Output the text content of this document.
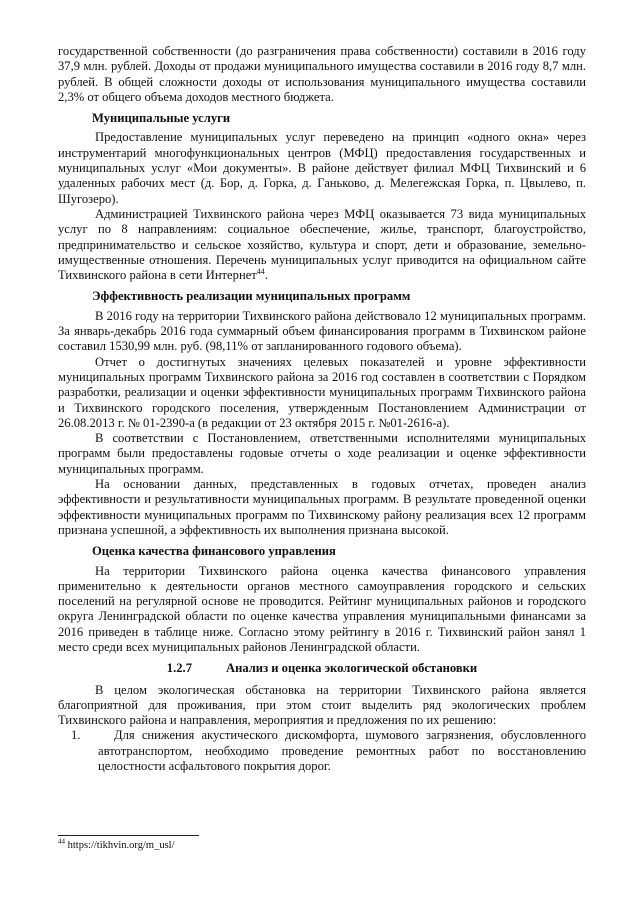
государственной собственности (до разграничения права собственности) составили в 2016 году 37,9 млн. рублей. Доходы от продажи муниципального имущества составили в 2016 году 8,7 млн. рублей. В общей сложности доходы от использования муниципального имущества составили 2,3% от общего объема доходов местного бюджета.

Муниципальные услуги

Предоставление муниципальных услуг переведено на принцип «одного окна» через инструментарий многофункциональных центров (МФЦ) предоставления государственных и муниципальных услуг «Мои документы». В районе действует филиал МФЦ Тихвинский и 6 удаленных рабочих мест (д. Бор, д. Горка, д. Ганьково, д. Мелегежская Горка, п. Цвылево, п. Шугозеро).

Администрацией Тихвинского района через МФЦ оказывается 73 вида муниципальных услуг по 8 направлениям: социальное обеспечение, жилье, транспорт, благоустройство, предпринимательство и сельское хозяйство, культура и спорт, дети и образование, земельно-имущественные отношения. Перечень муниципальных услуг приводится на официальном сайте Тихвинского района в сети Интернет$^{44}$.

Эффективность реализации муниципальных программ

В 2016 году на территории Тихвинского района действовало 12 муниципальных программ. За январь-декабрь 2016 года суммарный объем финансирования программ в Тихвинском районе составил 1530,99 млн. руб. (98,11% от запланированного годового объема).

Отчет о достигнутых значениях целевых показателей и уровне эффективности муниципальных программ Тихвинского района за 2016 год составлен в соответствии с Порядком разработки, реализации и оценки эффективности муниципальных программ Тихвинского района и Тихвинского городского поселения, утвержденным Постановлением Администрации от 26.08.2013 г. № 01-2390-а (в редакции от 23 октября 2015 г. №01-2616-а).

В соответствии с Постановлением, ответственными исполнителями муниципальных программ были предоставлены годовые отчеты о ходе реализации и оценке эффективности муниципальных программ.

На основании данных, представленных в годовых отчетах, проведен анализ эффективности и результативности муниципальных программ. В результате проведенной оценки эффективности муниципальных программ по Тихвинскому району реализация всех 12 программ признана успешной, а эффективность их выполнения признана высокой.

Оценка качества финансового управления

На территории Тихвинского района оценка качества финансового управления применительно к деятельности органов местного самоуправления городского и сельских поселений на регулярной основе не проводится. Рейтинг муниципальных районов и городского округа Ленинградской области по оценке качества управления муниципальными финансами за 2016 приведен в таблице ниже. Согласно этому рейтингу в 2016 г. Тихвинский район занял 1 место среди всех муниципальных районов Ленинградской области.

1.2.7	Анализ и оценка экологической обстановки

В целом экологическая обстановка на территории Тихвинского района является благоприятной для проживания, при этом стоит выделить ряд экологических проблем Тихвинского района и направления, мероприятия и предложения по их решению:

1.	Для снижения акустического дискомфорта, шумового загрязнения, обусловленного автотранспортом, необходимо проведение ремонтных работ по восстановлению целостности асфальтового покрытия дорог.

$^{44}$ https://tikhvin.org/m_usl/
